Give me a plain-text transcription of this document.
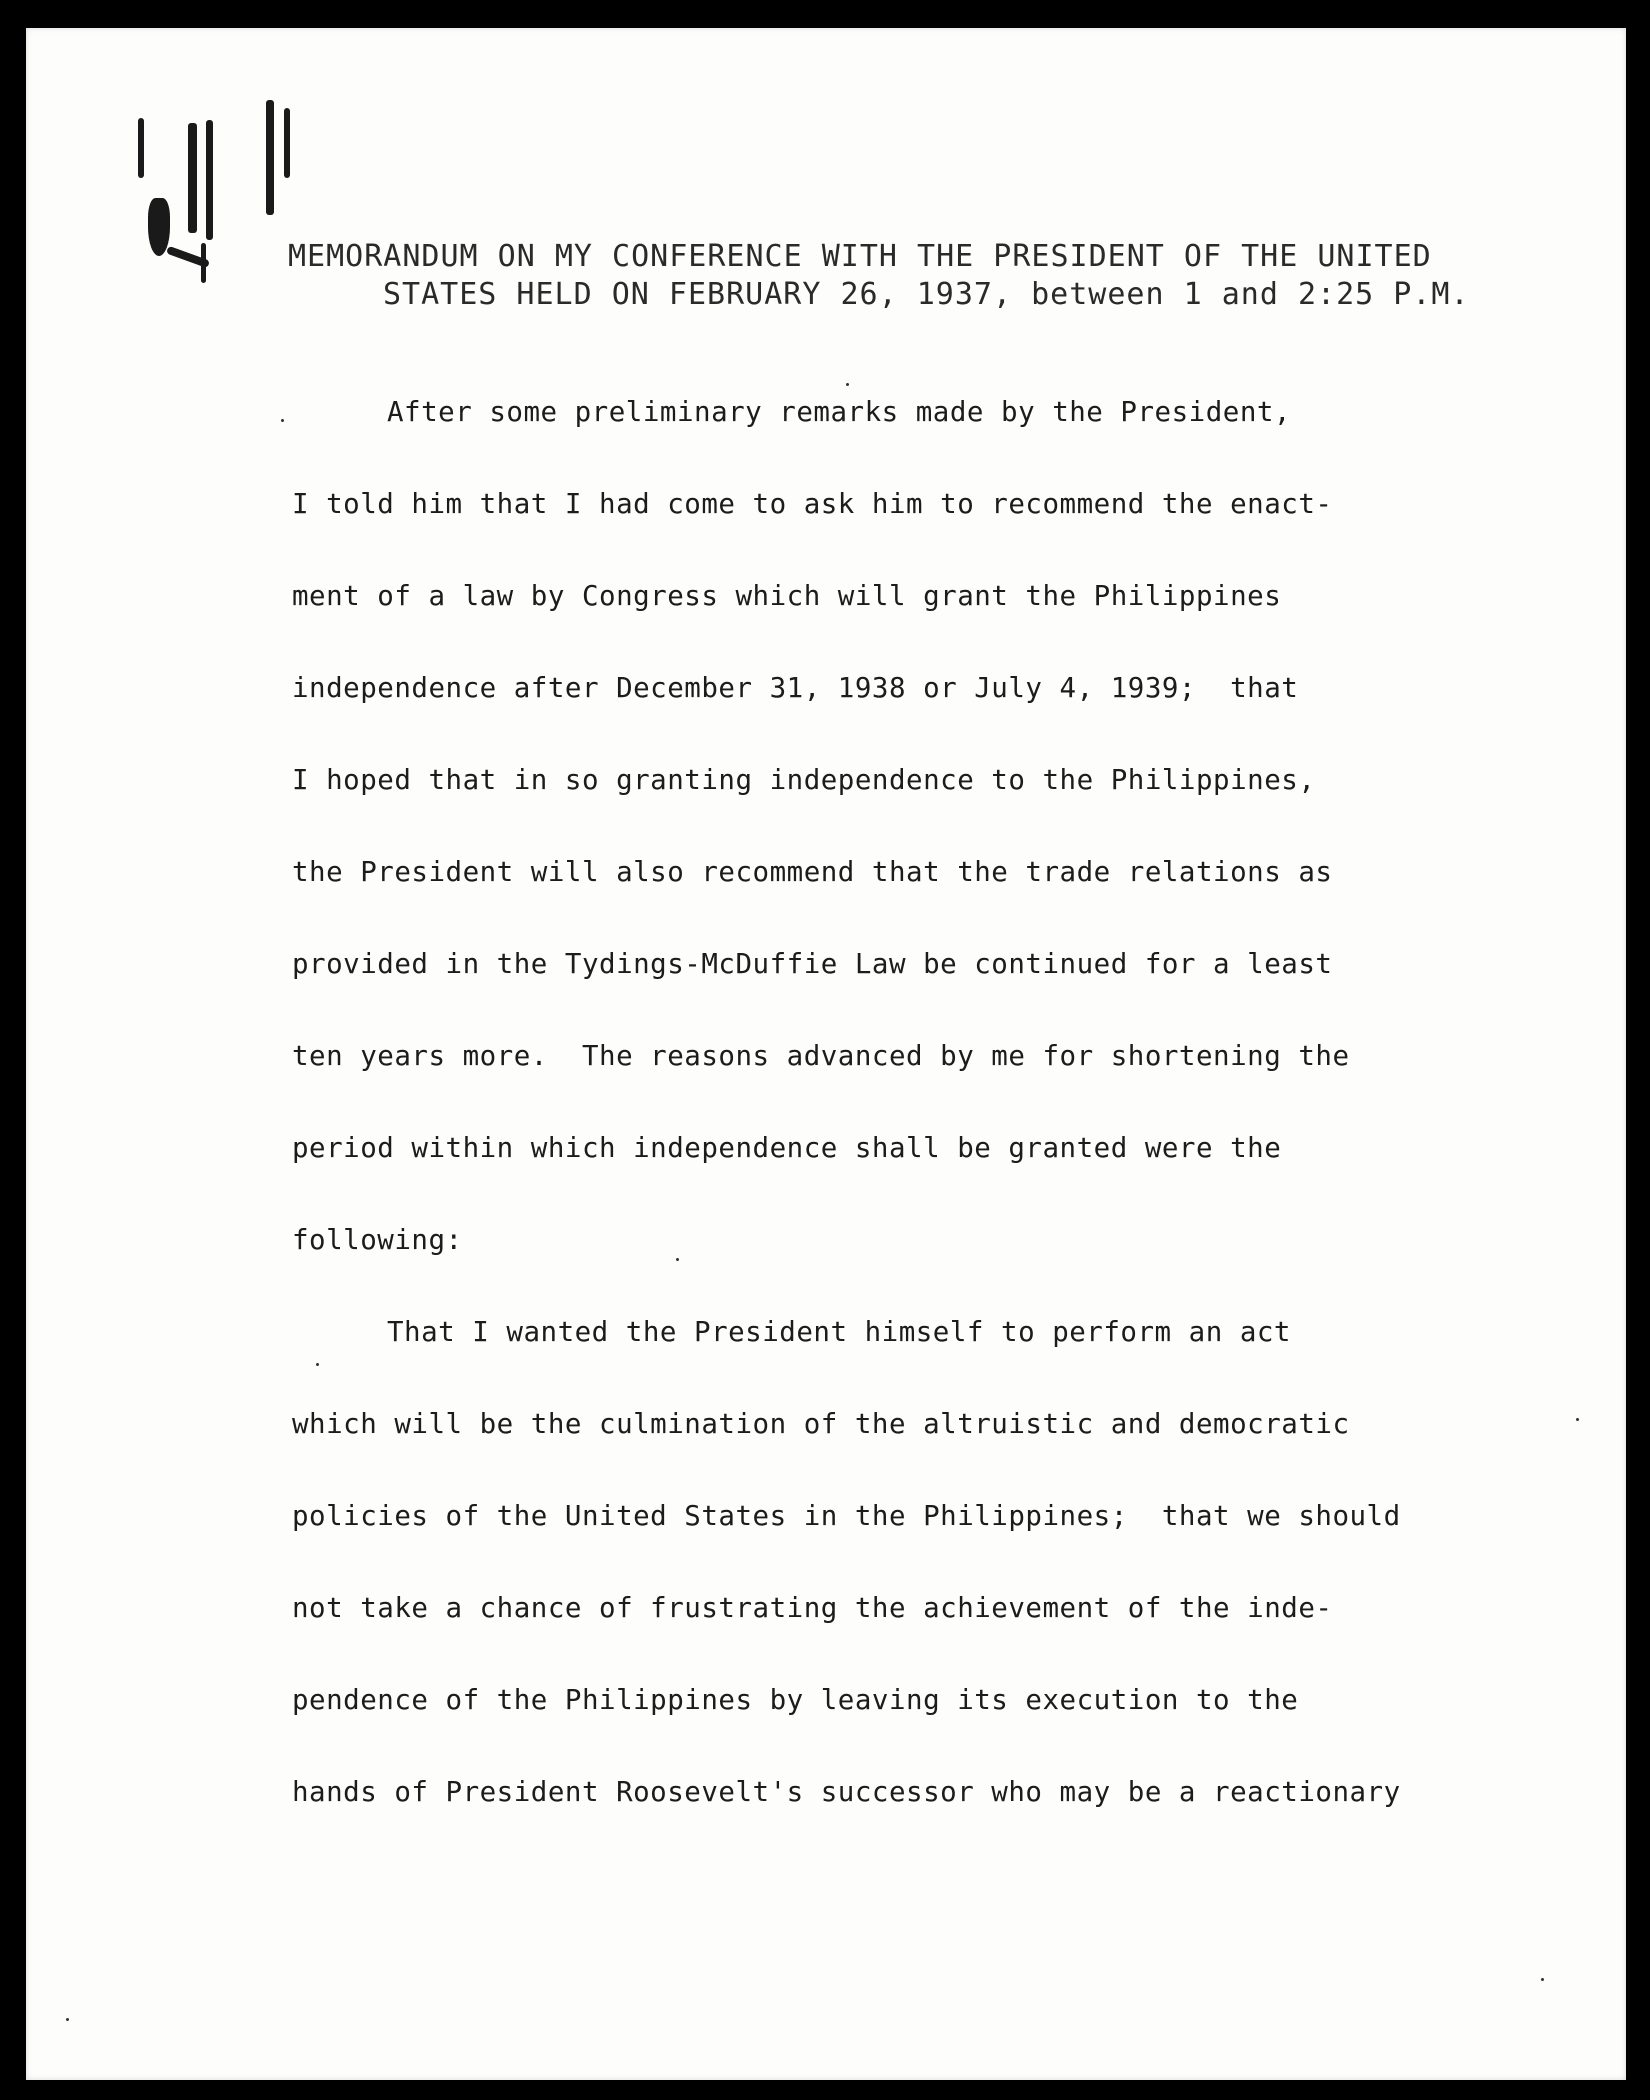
MEMORANDUM ON MY CONFERENCE WITH THE PRESIDENT OF THE UNITED
STATES HELD ON FEBRUARY 26, 1937, between 1 and 2:25 P.M.
After some preliminary remarks made by the President,
I told him that I had come to ask him to recommend the enact-
ment of a law by Congress which will grant the Philippines
independence after December 31, 1938 or July 4, 1939;  that
I hoped that in so granting independence to the Philippines,
the President will also recommend that the trade relations as
provided in the Tydings-McDuffie Law be continued for a least
ten years more.  The reasons advanced by me for shortening the
period within which independence shall be granted were the
following:
That I wanted the President himself to perform an act
which will be the culmination of the altruistic and democratic
policies of the United States in the Philippines;  that we should
not take a chance of frustrating the achievement of the inde-
pendence of the Philippines by leaving its execution to the
hands of President Roosevelt's successor who may be a reactionary
